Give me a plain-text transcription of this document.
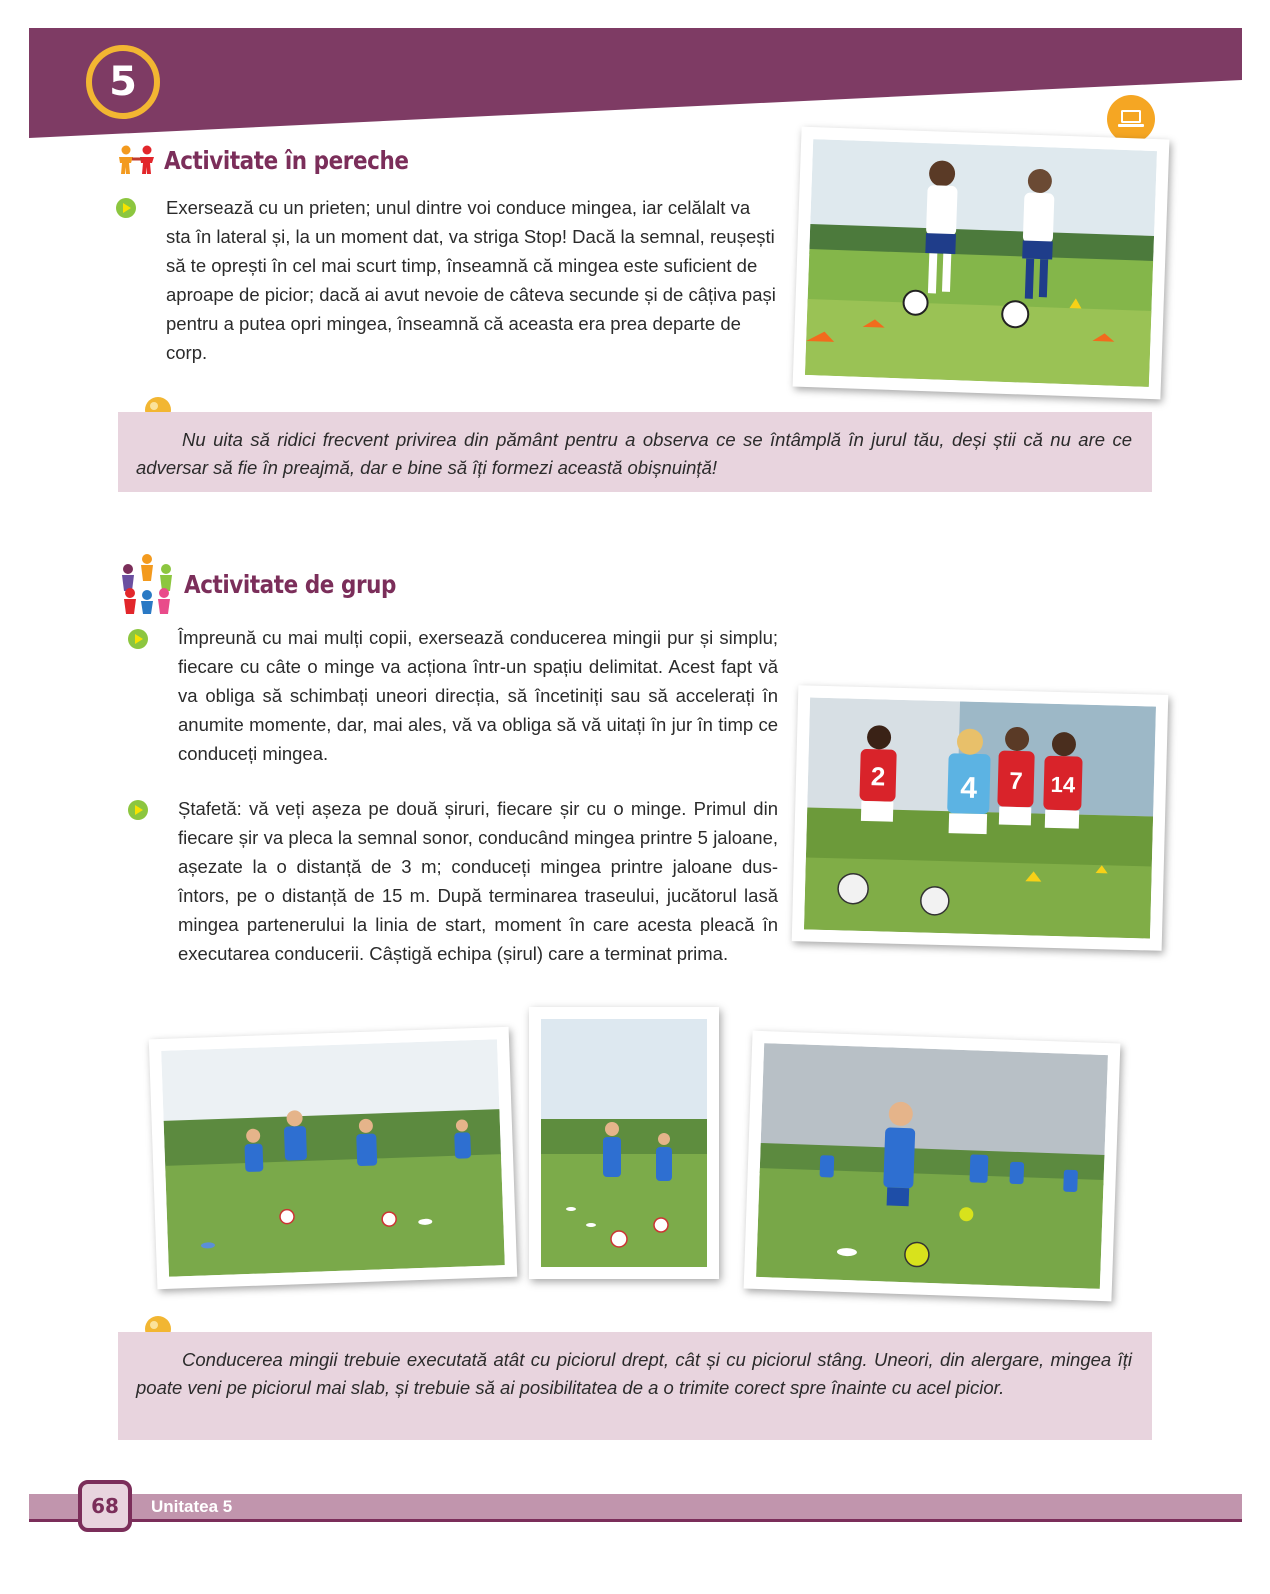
5
Activitate în pereche
Exersează cu un prieten; unul dintre voi conduce mingea, iar celălalt va sta în lateral și, la un moment dat, va striga Stop! Dacă la semnal, reușești să te oprești în cel mai scurt timp, înseamnă că mingea este suficient de aproape de picior; dacă ai avut nevoie de câteva secunde și de câțiva pași pentru a putea opri mingea, înseamnă că aceasta era prea departe de corp.
Nu uita să ridici frecvent privirea din pământ pentru a observa ce se întâmplă în jurul tău, deși știi că nu are ce adversar să fie în preajmă, dar e bine să îți formezi această obișnuință!
Activitate de grup
Împreună cu mai mulți copii, exersează conducerea mingii pur și simplu; fiecare cu câte o minge va acționa într-un spațiu delimitat. Acest fapt vă va obliga să schimbați uneori direcția, să încetiniți sau să accelerați în anumite momente, dar, mai ales, vă va obliga să vă uitați în jur în timp ce conduceți mingea.
Ștafetă: vă veți așeza pe două șiruri, fiecare șir cu o minge. Primul din fiecare șir va pleca la semnal sonor, conducând mingea printre 5 jaloane, așezate la o distanță de 3 m; conduceți mingea printre jaloane dus-întors, pe o distanță de 15 m. După terminarea traseului, jucătorul lasă mingea partenerului la linia de start, moment în care acesta pleacă în executarea conducerii. Câștigă echipa (șirul) care a terminat prima.
2 4 7 14
Conducerea mingii trebuie executată atât cu piciorul drept, cât și cu piciorul stâng. Uneori, din alergare, mingea îți poate veni pe piciorul mai slab, și trebuie să ai posibilitatea de a o trimite corect spre înainte cu acel picior.
68	Unitatea 5
